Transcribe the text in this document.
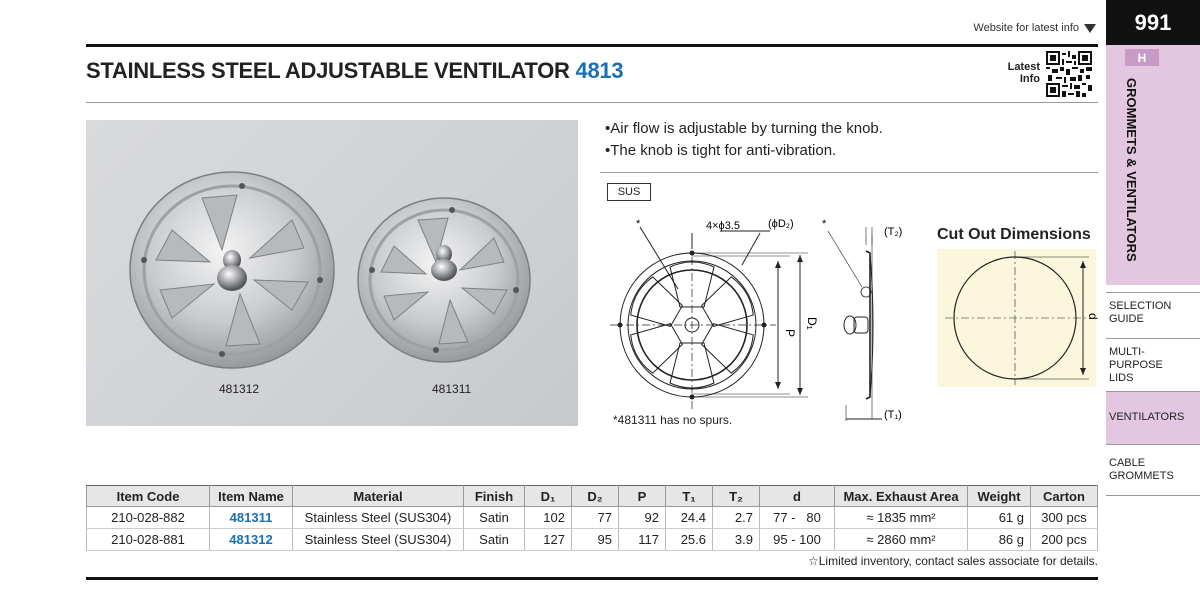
Website for latest info
STAINLESS STEEL ADJUSTABLE VENTILATOR 4813	Latest
Info
991
H
GROMMETS & VENTILATORS
SELECTION GUIDE
MULTI-PURPOSE LIDS
VENTILATORS
CABLE GROMMETS
481312	481311
•Air flow is adjustable by turning the knob.
•The knob is tight for anti-vibration.
SUS
*	4×ϕ3.5	(ϕD₂)	*
(T₂)
(T₁)
P
D₁
*481311 has no spurs.
Cut Out Dimensions
d
Item Code	Item Name	Material	Finish	D₁	D₂	P	T₁	T₂	d	Max. Exhaust Area	Weight	Carton
210-028-882	481311	Stainless Steel (SUS304)	Satin	102	77	92	24.4	2.7	77 -   80	≈ 1835 mm²	61 g	300 pcs
210-028-881	481312	Stainless Steel (SUS304)	Satin	127	95	117	25.6	3.9	95 - 100	≈ 2860 mm²	86 g	200 pcs
☆Limited inventory, contact sales associate for details.
